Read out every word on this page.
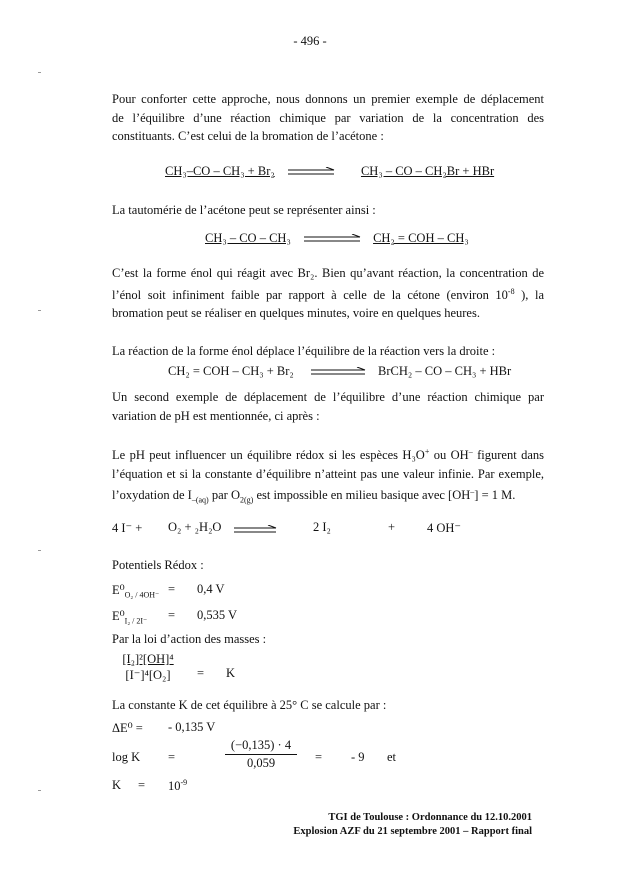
- 496 -
Pour conforter cette approche, nous donnons un premier exemple de déplacement
de l’équilibre d’une réaction chimique par variation de la concentration des
constituants. C’est celui de la bromation de l’acétone :
CH₃–CO – CH₃ + Br₂	CH₃ – CO – CH₂Br + HBr
La tautomérie de l’acétone peut se représenter ainsi :
CH₃ – CO – CH₃	CH₂ = COH – CH₃
C’est la forme énol qui réagit avec Br₂. Bien qu’avant réaction, la concentration de
l’énol soit infiniment faible par rapport à celle de la cétone (environ $10^{-8}$ ), la
bromation peut se réaliser en quelques minutes, voire en quelques heures.
La réaction de la forme énol déplace l’équilibre de la réaction vers la droite :
CH₂ = COH – CH₃ + Br₂	BrCH₂ – CO – CH₃ + HBr
Un second exemple de déplacement de l’équilibre d’une réaction chimique par
variation de pH est mentionnée, ci après :
Le pH peut influencer un équilibre rédox si les espèces H₃O+ ou OH– figurent dans
l’équation et si la constante d’équilibre n’atteint pas une valeur infinie. Par exemple,
l’oxydation de $I_{-(aq)}$ par $O_{2(g)}$ est impossible en milieu basique avec [OH–] = 1 M.
4 I⁻ + O₂ + ₂H₂O	2 I₂	+	4 OH⁻
Potentiels Rédox :
$E^0_{O_2 / 4OH^-} = 0,4$ V
$E^0_{I_2 / 2I^-} = 0,535$ V
Par la loi d’action des masses :
$\frac{\text{[I₂]²[OH]⁴}}{\text{[I⁻]⁴[O₂]}} = K$
La constante K de cet équilibre à 25° C se calcule par :
ΔE⁰ = - 0,135 V
log K =
(−0,135) · 4
0,059	= - 9 et
$K = 10^{-9}$
TGI de Toulouse : Ordonnance du 12.10.2001
Explosion AZF du 21 septembre 2001 – Rapport final
